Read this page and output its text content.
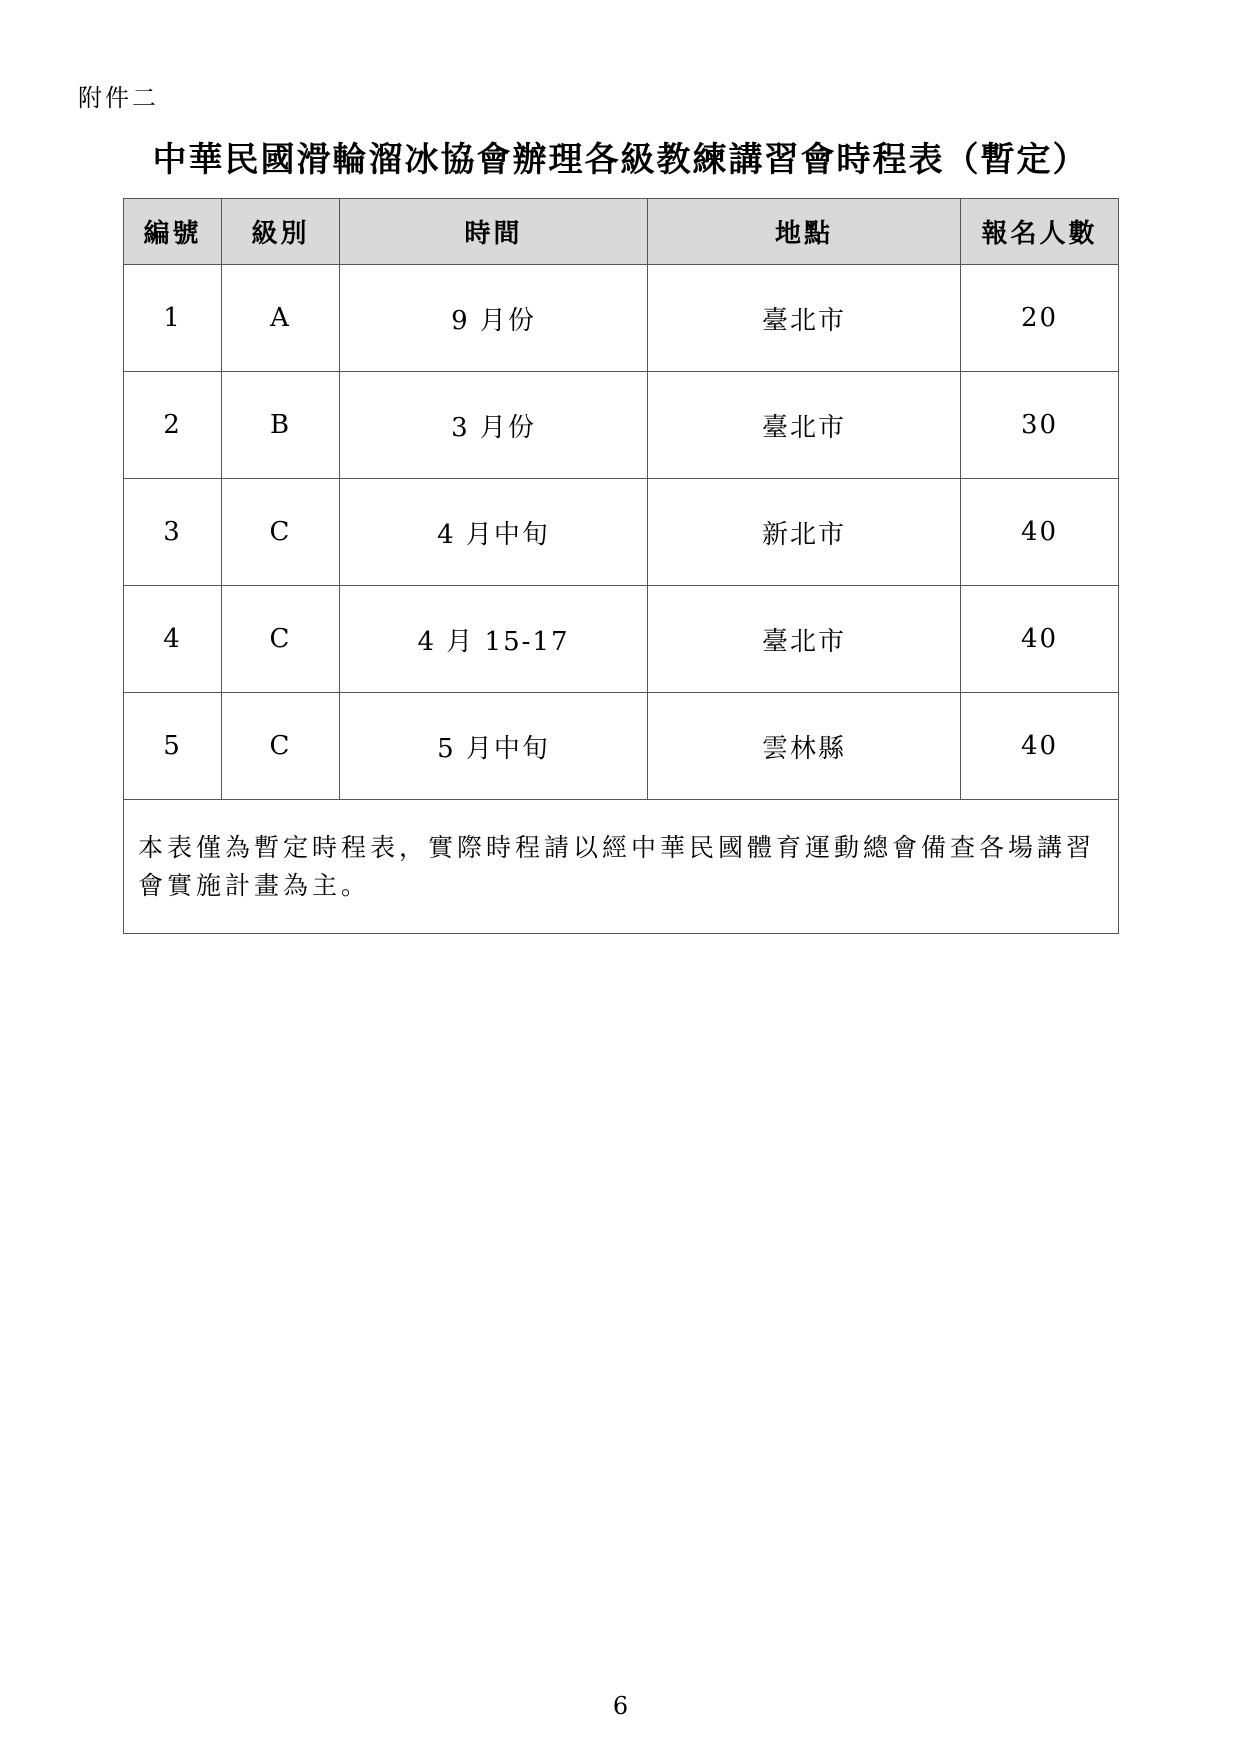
附件二
中華民國滑輪溜冰協會辦理各級教練講習會時程表（暫定）
編號	級別	時間	地點	報名人數
1	A	9 月份	臺北市	20
2	B	3 月份	臺北市	30
3	C	4 月中旬	新北市	40
4	C	4 月 15-17	臺北市	40
5	C	5 月中旬	雲林縣	40
本表僅為暫定時程表，實際時程請以經中華民國體育運動總會備查各場講習會實施計畫為主。				
6
